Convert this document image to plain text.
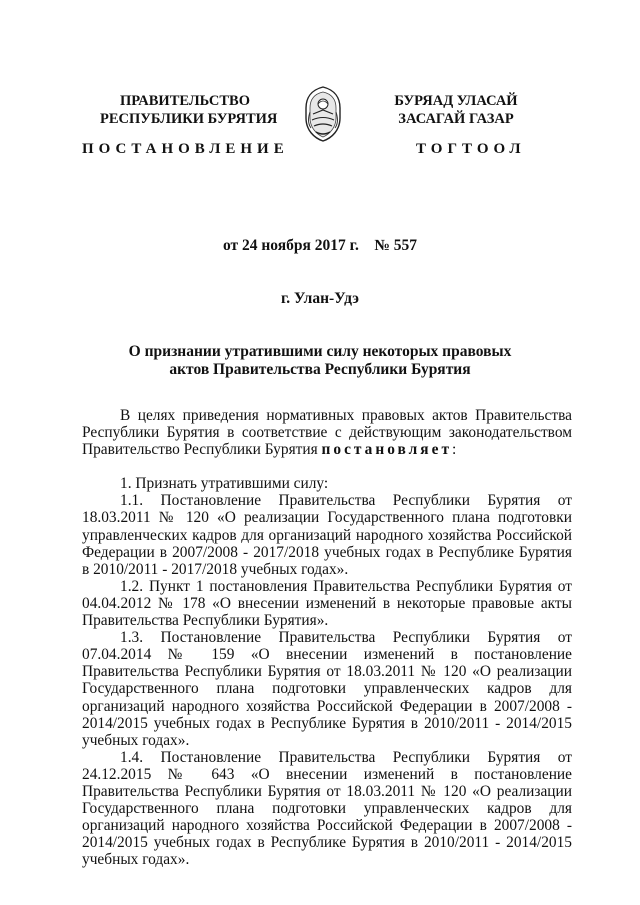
ПРАВИТЕЛЬСТВО
РЕСПУБЛИКИ БУРЯТИЯ
БУРЯАД УЛАСАЙ
ЗАСАГАЙ ГАЗАР
ПОСТАНОВЛЕНИЕ	ТОГТООЛ
от 24 ноября 2017 г.    № 557
г. Улан-Удэ
О признании утратившими силу некоторых правовых
актов Правительства Республики Бурятия

В целях приведения нормативных правовых актов Правительства Республики Бурятия в соответствие с действующим законодательством Правительство Республики Бурятия постановляет:

1. Признать утратившими силу:

1.1. Постановление Правительства Республики Бурятия от 18.03.2011 № 120 «О реализации Государственного плана подготовки управленческих кадров для организаций народного хозяйства Российской Федерации в 2007/2008 - 2017/2018 учебных годах в Республике Бурятия в 2010/2011 - 2017/2018 учебных годах».

1.2. Пункт 1 постановления Правительства Республики Бурятия от 04.04.2012 № 178 «О внесении изменений в некоторые правовые акты Правительства Республики Бурятия».

1.3. Постановление Правительства Республики Бурятия от 07.04.2014 № 159 «О внесении изменений в постановление Правительства Республики Бурятия от 18.03.2011 № 120 «О реализации Государственного плана подготовки управленческих кадров для организаций народного хозяйства Российской Федерации в 2007/2008 - 2014/2015 учебных годах в Республике Бурятия в 2010/2011 - 2014/2015 учебных годах».

1.4. Постановление Правительства Республики Бурятия от 24.12.2015 № 643 «О внесении изменений в постановление Правительства Республики Бурятия от 18.03.2011 № 120 «О реализации Государственного плана подготовки управленческих кадров для организаций народного хозяйства Российской Федерации в 2007/2008 - 2014/2015 учебных годах в Республике Бурятия в 2010/2011 - 2014/2015 учебных годах».
